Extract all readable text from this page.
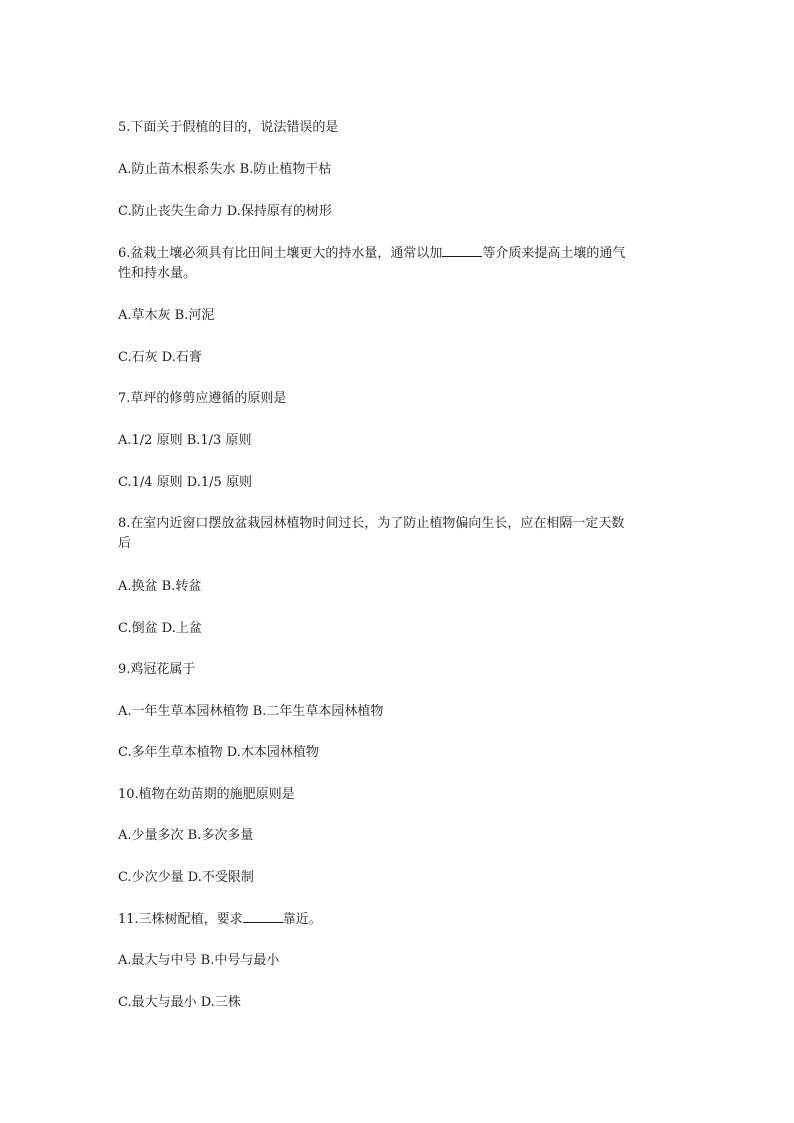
5.下面关于假植的目的，说法错误的是
A.防止苗木根系失水 B.防止植物干枯
C.防止丧失生命力 D.保持原有的树形
6.盆栽土壤必须具有比田间土壤更大的持水量，通常以加	等介质来提高土壤的通气
性和持水量。
A.草木灰 B.河泥
C.石灰 D.石膏
7.草坪的修剪应遵循的原则是
A.1/2 原则 B.1/3 原则
C.1/4 原则 D.1/5 原则
8.在室内近窗口摆放盆栽园林植物时间过长，为了防止植物偏向生长，应在相隔一定天数
后
A.换盆 B.转盆
C.倒盆 D.上盆
9.鸡冠花属于
A.一年生草本园林植物 B.二年生草本园林植物
C.多年生草本植物 D.木本园林植物
10.植物在幼苗期的施肥原则是
A.少量多次 B.多次多量
C.少次少量 D.不受限制
11.三株树配植，要求	靠近。
A.最大与中号 B.中号与最小
C.最大与最小 D.三株
